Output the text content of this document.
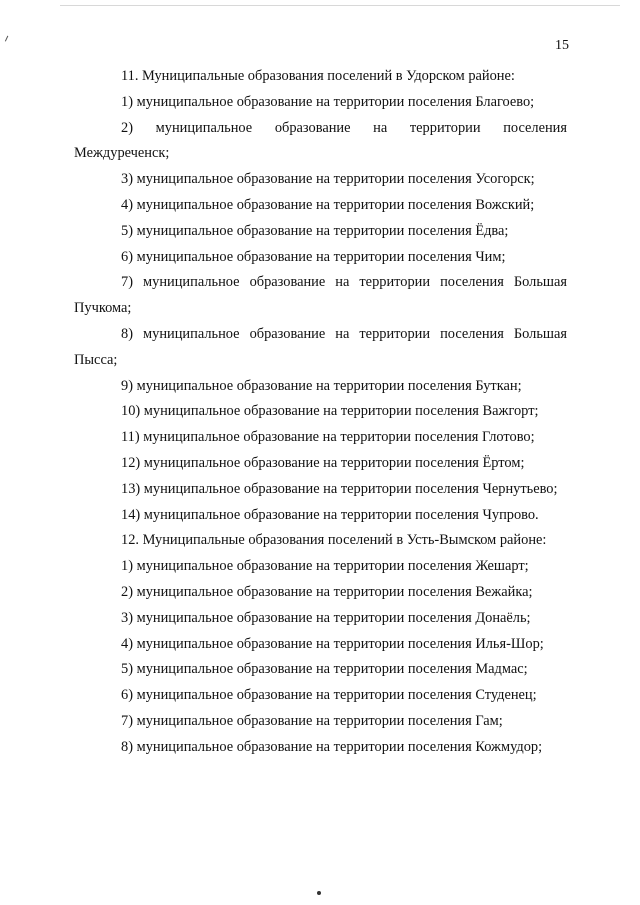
15

11. Муниципальные образования поселений в Удорском районе:

1) муниципальное образование на территории поселения Благоево;

2) муниципальное образование на территории поселения Междуреченск;

3) муниципальное образование на территории поселения Усогорск;

4) муниципальное образование на территории поселения Вожский;

5) муниципальное образование на территории поселения Ёдва;

6) муниципальное образование на территории поселения Чим;

7) муниципальное образование на территории поселения Большая Пучкома;

8) муниципальное образование на территории поселения Большая Пысса;

9) муниципальное образование на территории поселения Буткан;

10) муниципальное образование на территории поселения Важгорт;

11) муниципальное образование на территории поселения Глотово;

12) муниципальное образование на территории поселения Ёртом;

13) муниципальное образование на территории поселения Чернутьево;

14) муниципальное образование на территории поселения Чупрово.

12. Муниципальные образования поселений в Усть-Вымском районе:

1) муниципальное образование на территории поселения Жешарт;

2) муниципальное образование на территории поселения Вежайка;

3) муниципальное образование на территории поселения Донаёль;

4) муниципальное образование на территории поселения Илья-Шор;

5) муниципальное образование на территории поселения Мадмас;

6) муниципальное образование на территории поселения Студенец;

7) муниципальное образование на территории поселения Гам;

8) муниципальное образование на территории поселения Кожмудор;
